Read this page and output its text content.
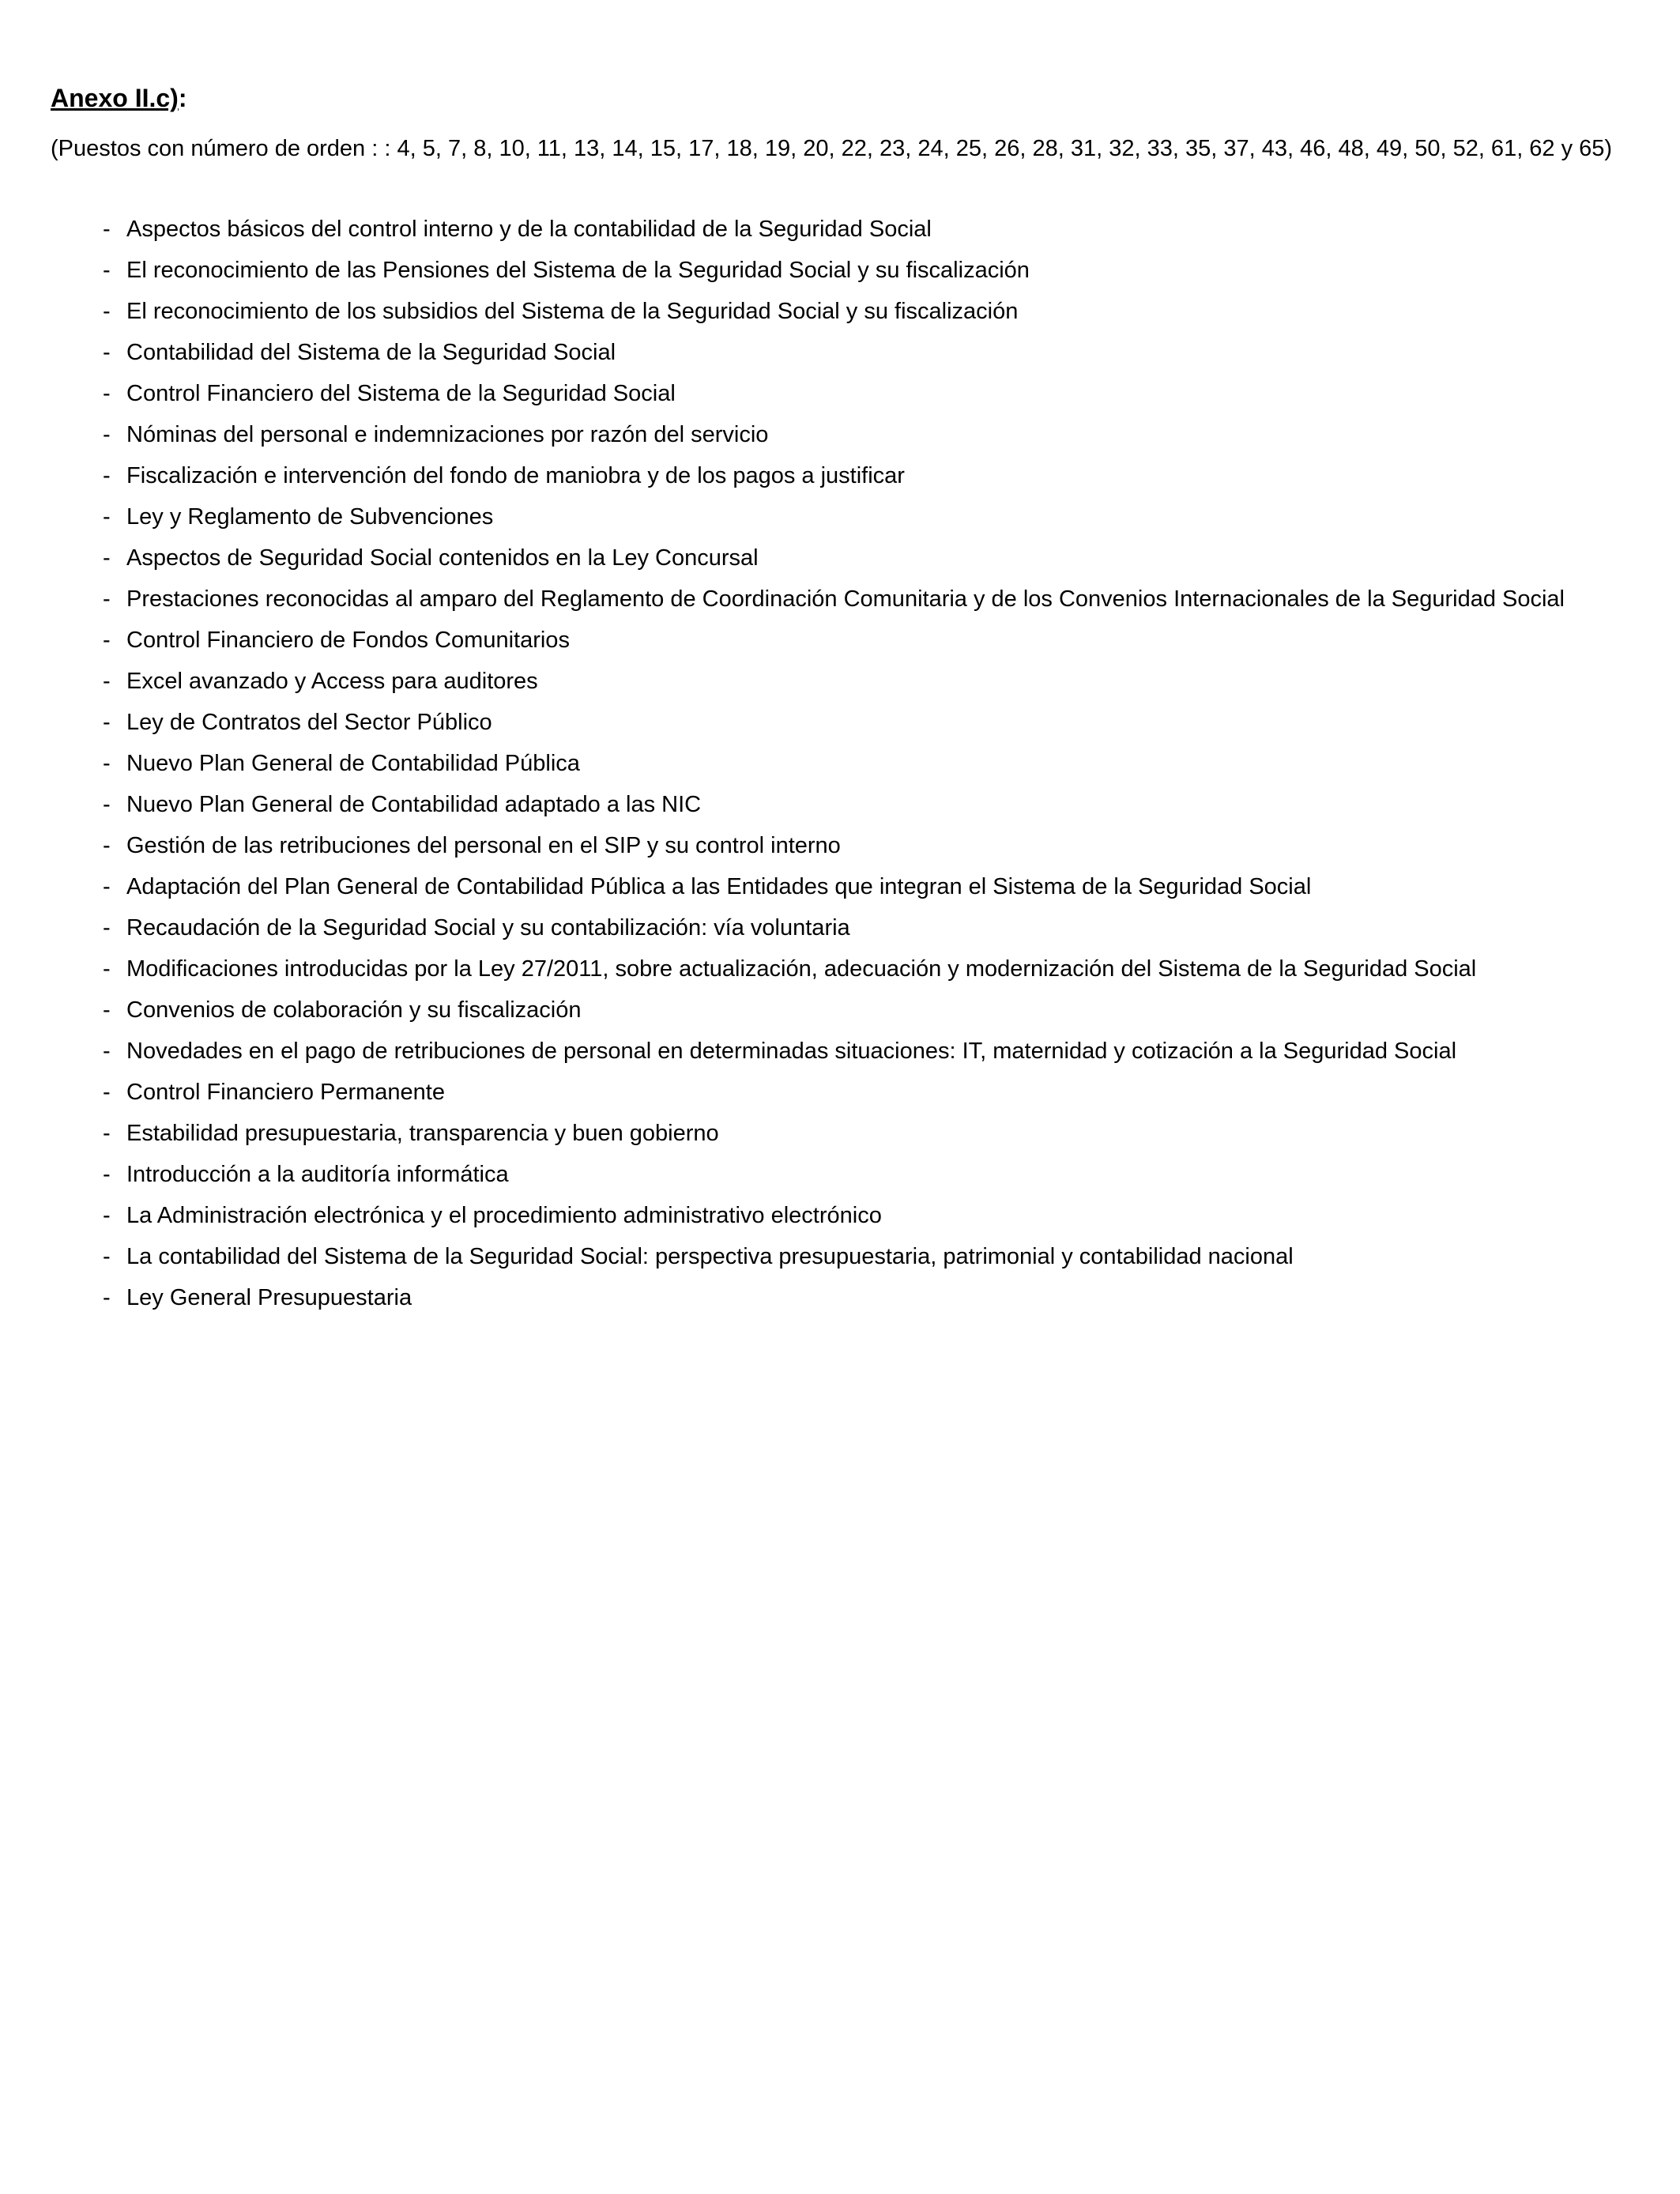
Anexo II.c):

(Puestos con número de orden : : 4, 5, 7, 8, 10, 11, 13, 14, 15, 17, 18, 19, 20, 22, 23, 24, 25, 26, 28, 31, 32, 33, 35, 37, 43, 46, 48, 49, 50, 52, 61, 62 y 65)

- Aspectos básicos del control interno y de la contabilidad de la Seguridad Social
- El reconocimiento de las Pensiones del Sistema de la Seguridad Social y su fiscalización
- El reconocimiento de los subsidios del Sistema de la Seguridad Social y su fiscalización
- Contabilidad del Sistema de la Seguridad Social
- Control Financiero del Sistema de la Seguridad Social
- Nóminas del personal e indemnizaciones por razón del servicio
- Fiscalización e intervención del fondo de maniobra y de los pagos a justificar
- Ley y Reglamento de Subvenciones
- Aspectos de Seguridad Social contenidos en la Ley Concursal
- Prestaciones reconocidas al amparo del Reglamento de Coordinación Comunitaria y de los Convenios Internacionales de la Seguridad Social
- Control Financiero de Fondos Comunitarios
- Excel avanzado y Access para auditores
- Ley de Contratos del Sector Público
- Nuevo Plan General de Contabilidad Pública
- Nuevo Plan General de Contabilidad adaptado a las NIC
- Gestión de las retribuciones del personal en el SIP y su control interno
- Adaptación del Plan General de Contabilidad Pública a las Entidades que integran el Sistema de la Seguridad Social
- Recaudación de la Seguridad Social y su contabilización: vía voluntaria
- Modificaciones introducidas por la Ley 27/2011, sobre actualización, adecuación y modernización del Sistema de la Seguridad Social
- Convenios de colaboración y su fiscalización
- Novedades en el pago de retribuciones de personal en determinadas situaciones: IT, maternidad y cotización a la Seguridad Social
- Control Financiero Permanente
- Estabilidad presupuestaria, transparencia y buen gobierno
- Introducción a la auditoría informática
- La Administración electrónica y el procedimiento administrativo electrónico
- La contabilidad del Sistema de la Seguridad Social: perspectiva presupuestaria, patrimonial y contabilidad nacional
- Ley General Presupuestaria
